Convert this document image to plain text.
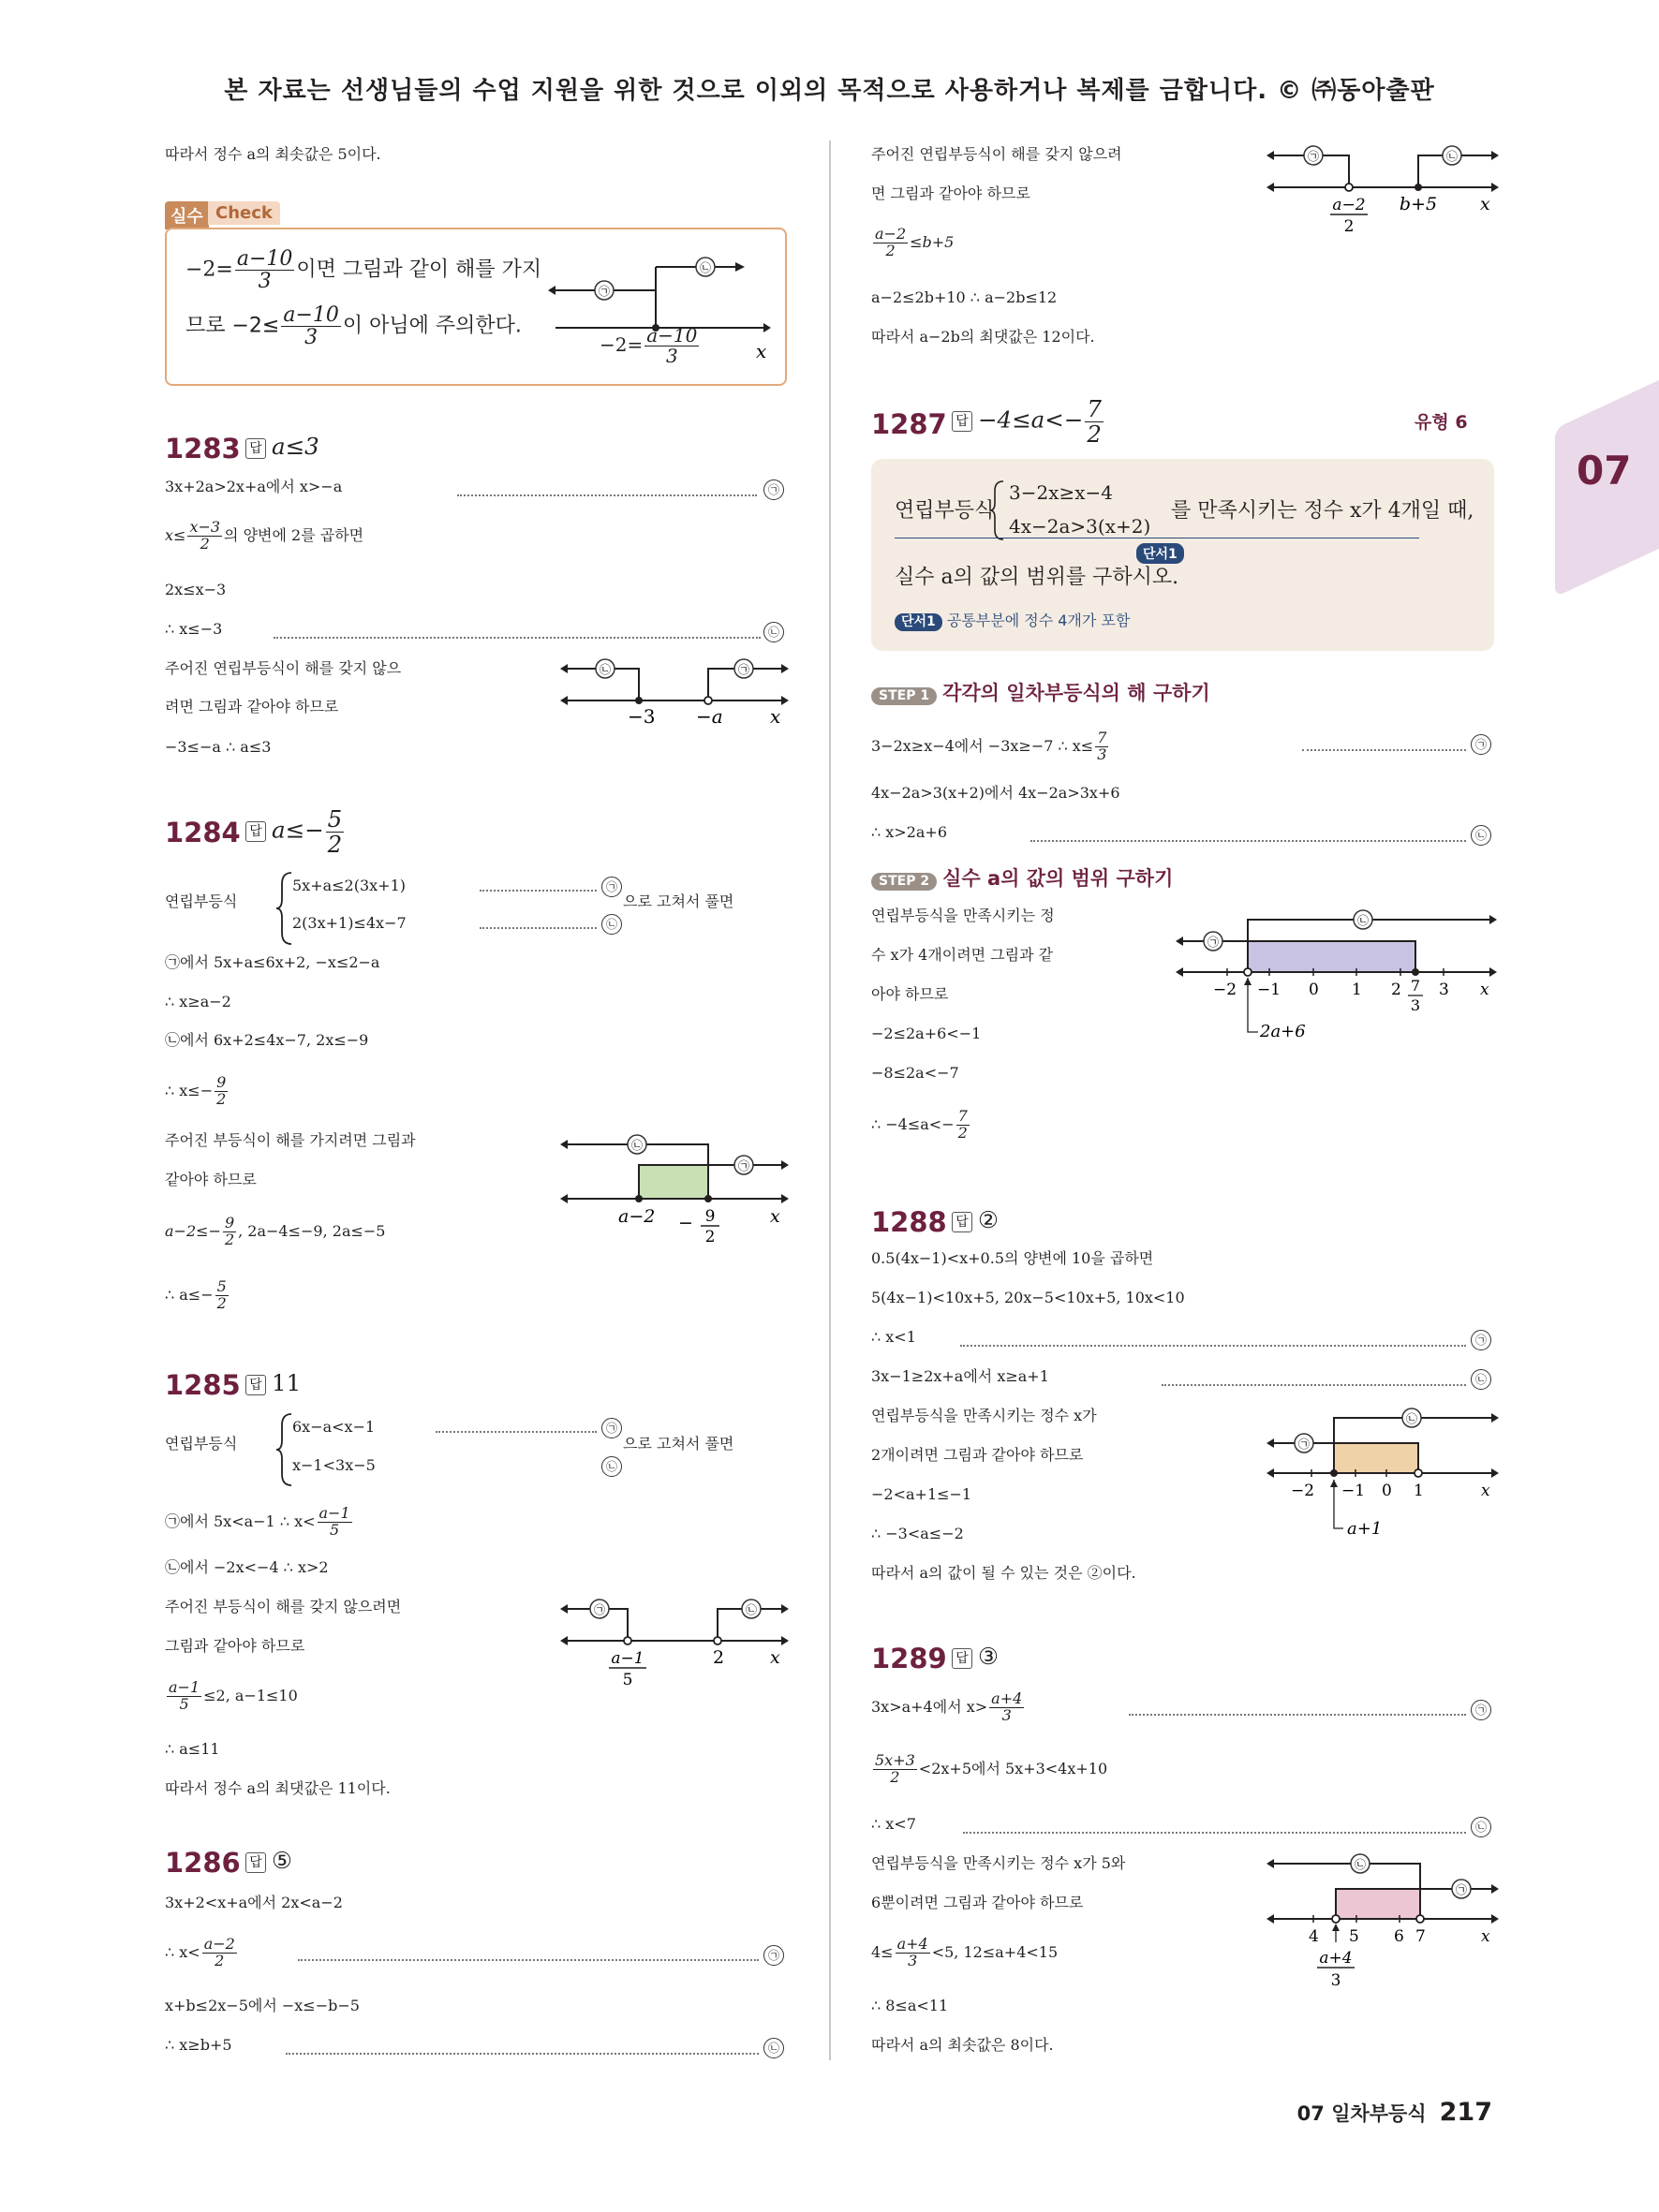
본 자료는 선생님들의 수업 지원을 위한 것으로 이외의 목적으로 사용하거나 복제를 금합니다. © ㈜동아출판
07
따라서 정수 a의 최솟값은 5이다.
실수 Check
$-2= \frac{a-10}{3}$ 이면 그림과 같이 해를 가지
므로 $-2\le \frac{a-10}{3}$ 이 아님에 주의한다.
㉡
㉠
x
$-2= \frac{a-10}{3}$
1283 답 a≤3
3x+2a>2x+a에서 x>−a	㉠
$x\le \frac{x-3}{2}$ 의 양변에 2를 곱하면
2x≤x−3
∴ x≤−3	㉡
주어진 연립부등식이 해를 갖지 않으
려면 그림과 같아야 하므로
−3≤−a ∴ a≤3
㉡	㉠
−3 −a	x
1284 답 $a\le- \frac{5}{2}$
연립부등식
5x+a≤2(3x+1)
2(3x+1)≤4x−7
㉠
㉡
으로 고쳐서 풀면
㉠에서 5x+a≤6x+2, −x≤2−a
∴ x≥a−2
㉡에서 6x+2≤4x−7, 2x≤−9
∴ $x\le- \frac{9}{2}$
주어진 부등식이 해를 가지려면 그림과
같아야 하므로
$a-2\le- \frac{9}{2}$ , 2a−4≤−9, 2a≤−5
∴ $a\le- \frac{5}{2}$
㉡
㉠
a−2 − 9
2
x
1285 답 11
연립부등식
6x−a<x−1
x−1<3x−5
㉠
㉡
으로 고쳐서 풀면
㉠에서 5x<a−1 ∴ $x< \frac{a-1}{5}$
㉡에서 −2x<−4 ∴ x>2
주어진 부등식이 해를 갖지 않으려면
그림과 같아야 하므로
$\frac{a-1}{5} \le 2$, a−1≤10
∴ a≤11
따라서 정수 a의 최댓값은 11이다.
㉠	㉡
a−1
5
2	x
1286 답 ⑤
3x+2<x+a에서 2x<a−2
∴ $x< \frac{a-2}{2}$	㉠
x+b≤2x−5에서 −x≤−b−5
∴ x≥b+5	㉡
주어진 연립부등식이 해를 갖지 않으려
면 그림과 같아야 하므로
$\frac{a-2}{2} \le b+5$
a−2≤2b+10 ∴ a−2b≤12
따라서 a−2b의 최댓값은 12이다.
㉠	㉡
a−2
2
b+5 x
1287 답 $-4\le a<- \frac{7}{2}$	유형 6
연립부등식
3−2x≥x−4
4x−2a>3(x+2)
를 만족시키는 정수 x가 4개일 때,
단서1
실수 a의 값의 범위를 구하시오.
단서1 공통부분에 정수 4개가 포함
STEP 1 각각의 일차부등식의 해 구하기
3−2x≥x−4에서 −3x≥−7 ∴ $x\le \frac{7}{3}$	㉠
4x−2a>3(x+2)에서 4x−2a>3x+6
∴ x>2a+6	㉡
STEP 2 실수 a의 값의 범위 구하기
연립부등식을 만족시키는 정
수 x가 4개이려면 그림과 같
아야 하므로
−2≤2a+6<−1
−8≤2a<−7
∴ $-4\le a<- \frac{7}{2}$
㉡
㉠
−2 −1 0 1 2 7
3
3 x
2a+6
1288 답 ②
0.5(4x−1)<x+0.5의 양변에 10을 곱하면
5(4x−1)<10x+5, 20x−5<10x+5, 10x<10
∴ x<1	㉠
3x−1≥2x+a에서 x≥a+1	㉡
연립부등식을 만족시키는 정수 x가
2개이려면 그림과 같아야 하므로
−2<a+1≤−1
∴ −3<a≤−2
따라서 a의 값이 될 수 있는 것은 ②이다.
㉡
㉠
−2 −1 0 1	x
a+1
1289 답 ③
3x>a+4에서 $x> \frac{a+4}{3}$	㉠
$\frac{5x+3}{2} <2x+5$에서 5x+3<4x+10
∴ x<7	㉡
연립부등식을 만족시키는 정수 x가 5와
6뿐이려면 그림과 같아야 하므로
$4\le \frac{a+4}{3} <5$, 12≤a+4<15
∴ 8≤a<11
따라서 a의 최솟값은 8이다.
㉡
㉠
4 5 6 7	x
a+4
3
07 일차부등식 217
